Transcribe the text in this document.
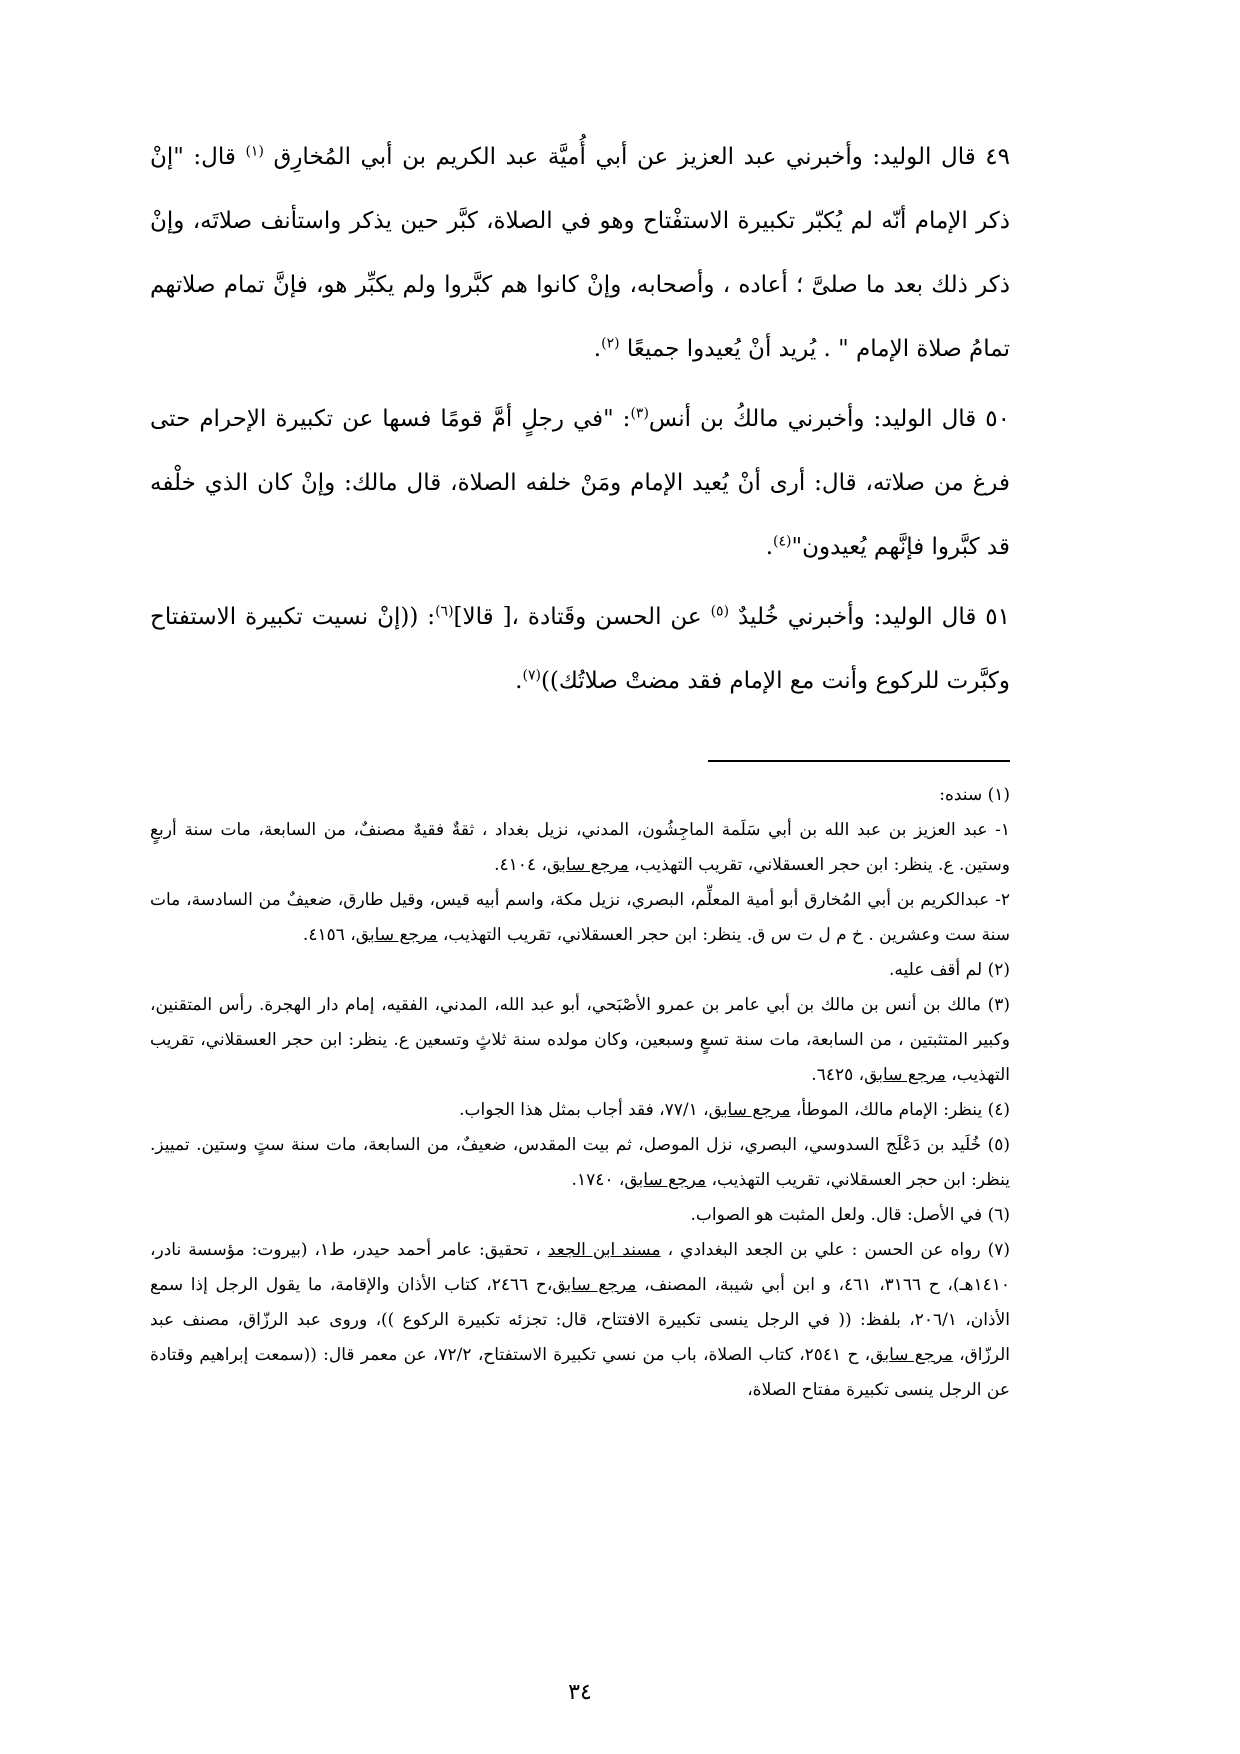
٤٩ قال الوليد: وأخبرني عبد العزيز عن أبي أُميَّة عبد الكريم بن أبي المُخارِق $^{(١)}$ قال: "إنْ ذكر الإمام أنّه لم يُكبّر تكبيرة الاستفْتاح وهو في الصلاة، كبَّر حين يذكر واستأنف صلاتَه، وإنْ ذكر ذلك بعد ما صلىَّ ؛ أعاده ، وأصحابه، وإنْ كانوا هم كبَّروا ولم يكبِّر هو، فإنَّ تمام صلاتهم تمامُ صلاة الإمام " . يُريد أنْ يُعيدوا جميعًا $^{(٢)}$.

٥٠ قال الوليد: وأخبرني مالكُ بن أنس$^{(٣)}$: "في رجلٍ أمَّ قومًا فسها عن تكبيرة الإحرام حتى فرغ من صلاته، قال: أرى أنْ يُعيد الإمام ومَنْ خلفه الصلاة، قال مالك: وإنْ كان الذي خلْفه قد كبَّروا فإنَّهم يُعيدون"$^{(٤)}$.

٥١ قال الوليد: وأخبرني خُليدٌ $^{(٥)}$ عن الحسن وقَتادة ،[ قالا]$^{(٦)}$: ((إنْ نسيت تكبيرة الاستفتاح وكبَّرت للركوع وأنت مع الإمام فقد مضتْ صلاتُك))$^{(٧)}$.

(١) سنده:

١- عبد العزيز بن عبد الله بن أبي سَلَمة الماجِشُون، المدني، نزيل بغداد ، ثقةٌ فقيهٌ مصنفٌ، من السابعة، مات سنة أربعٍ وستين. ع. ينظر: ابن حجر العسقلاني، تقريب التهذيب، مرجع سابق، ٤١٠٤.

٢- عبدالكريم بن أبي المُخارق أبو أمية المعلِّم، البصري، نزيل مكة، واسم أبيه قيس، وقيل طارق، ضعيفٌ من السادسة، مات سنة ست وعشرين . خ م ل ت س ق. ينظر: ابن حجر العسقلاني، تقريب التهذيب، مرجع سابق، ٤١٥٦.

(٢) لم أقف عليه.

(٣) مالك بن أنس بن مالك بن أبي عامر بن عمرو الأصْبَحي، أبو عبد الله، المدني، الفقيه، إمام دار الهجرة. رأس المتقنين، وكبير المتثبتين ، من السابعة، مات سنة تسعٍ وسبعين، وكان مولده سنة ثلاثٍ وتسعين ع. ينظر: ابن حجر العسقلاني، تقريب التهذيب، مرجع سابق، ٦٤٢٥.

(٤) ينظر: الإمام مالك، الموطأ، مرجع سابق، ٧٧/١، فقد أجاب بمثل هذا الجواب.

(٥) خُلَيد بن دَعْلَج السدوسي، البصري، نزل الموصل، ثم بيت المقدس، ضعيفٌ، من السابعة، مات سنة ستٍ وستين. تمييز. ينظر: ابن حجر العسقلاني، تقريب التهذيب، مرجع سابق، ١٧٤٠.

(٦) في الأصل: قال. ولعل المثبت هو الصواب.

(٧) رواه عن الحسن : علي بن الجعد البغدادي ، مسند ابن الجعد ، تحقيق: عامر أحمد حيدر، ط١، (بيروت: مؤسسة نادر، ١٤١٠هـ)، ح ٣١٦٦، ٤٦١، و ابن أبي شيبة، المصنف، مرجع سابق،ح ٢٤٦٦، كتاب الأذان والإقامة، ما يقول الرجل إذا سمع الأذان، ٢٠٦/١، بلفظ: (( في الرجل ينسى تكبيرة الافتتاح، قال: تجزئه تكبيرة الركوع ))، وروى عبد الرزّاق، مصنف عبد الرزّاق، مرجع سابق، ح ٢٥٤١، كتاب الصلاة، باب من نسي تكبيرة الاستفتاح، ٧٢/٢، عن معمر قال: ((سمعت إبراهيم وقتادة عن الرجل ينسى تكبيرة مفتاح الصلاة،

٣٤
